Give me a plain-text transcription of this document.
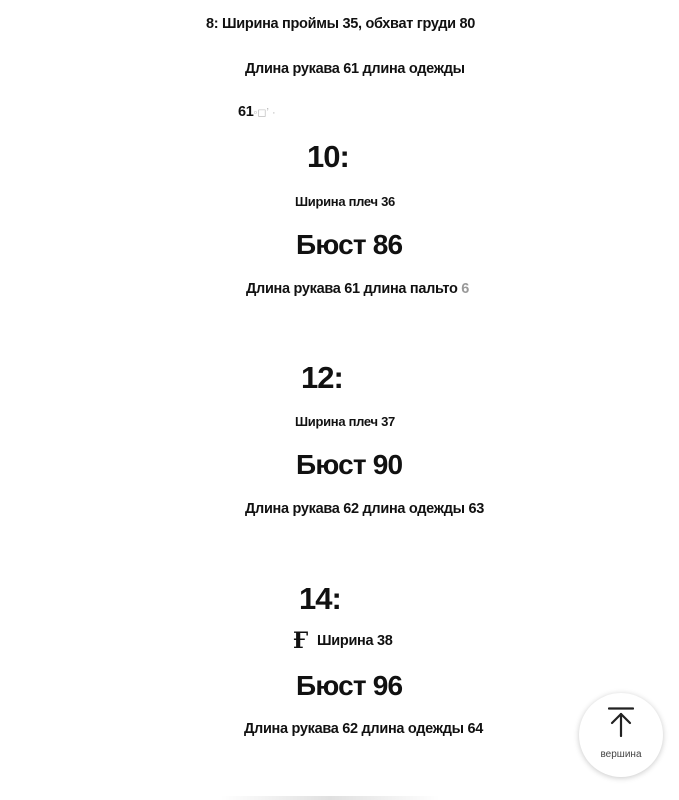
8: Ширина проймы 35, обхват груди 80
Длина рукава 61 длина одежды
61◦◻ʼ ·
10:
Ширина плеч 36
Бюст 86
Длина рукава 61 длина пальто 6
12:
Ширина плеч 37
Бюст 90
Длина рукава 62 длина одежды 63
14:
Ғ Ширина 38
Бюст 96
Длина рукава 62 длина одежды 64
вершина
